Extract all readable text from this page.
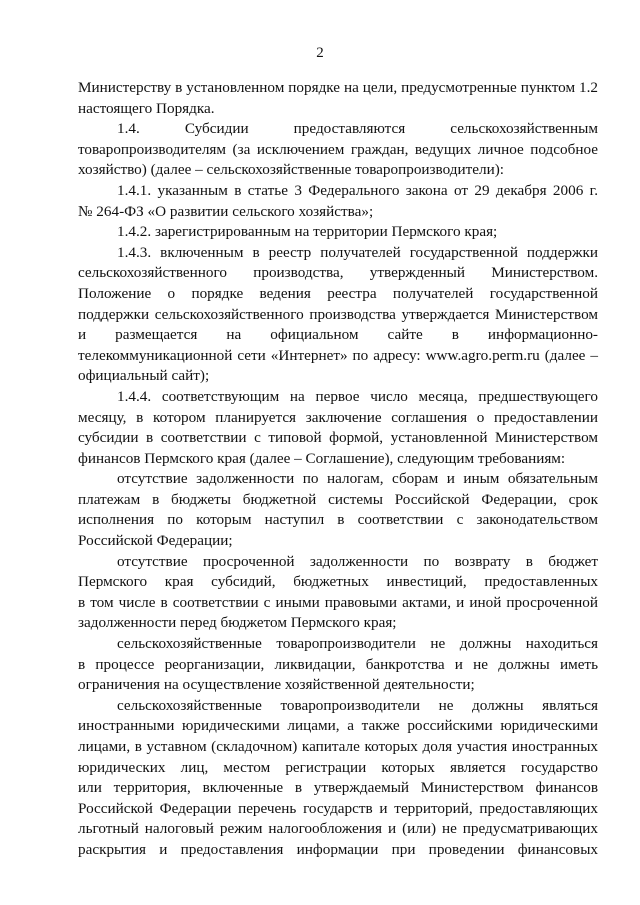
2
Министерству в установленном порядке на цели, предусмотренные пунктом 1.2
настоящего Порядка.
1.4. Субсидии предоставляются сельскохозяйственным
товаропроизводителям (за исключением граждан, ведущих личное подсобное
хозяйство) (далее – сельскохозяйственные товаропроизводители):
1.4.1. указанным в статье 3 Федерального закона от 29 декабря 2006 г.
№ 264-ФЗ «О развитии сельского хозяйства»;
1.4.2. зарегистрированным на территории Пермского края;
1.4.3. включенным в реестр получателей государственной поддержки
сельскохозяйственного производства, утвержденный Министерством.
Положение о порядке ведения реестра получателей государственной
поддержки сельскохозяйственного производства утверждается Министерством
и размещается на официальном сайте в информационно-
телекоммуникационной сети «Интернет» по адресу: www.agro.perm.ru (далее –
официальный сайт);
1.4.4. соответствующим на первое число месяца, предшествующего
месяцу, в котором планируется заключение соглашения о предоставлении
субсидии в соответствии с типовой формой, установленной Министерством
финансов Пермского края (далее – Соглашение), следующим требованиям:
отсутствие задолженности по налогам, сборам и иным обязательным
платежам в бюджеты бюджетной системы Российской Федерации, срок
исполнения по которым наступил в соответствии с законодательством
Российской Федерации;
отсутствие просроченной задолженности по возврату в бюджет
Пермского края субсидий, бюджетных инвестиций, предоставленных
в том числе в соответствии с иными правовыми актами, и иной просроченной
задолженности перед бюджетом Пермского края;
сельскохозяйственные товаропроизводители не должны находиться
в процессе реорганизации, ликвидации, банкротства и не должны иметь
ограничения на осуществление хозяйственной деятельности;
сельскохозяйственные товаропроизводители не должны являться
иностранными юридическими лицами, а также российскими юридическими
лицами, в уставном (складочном) капитале которых доля участия иностранных
юридических лиц, местом регистрации которых является государство
или территория, включенные в утверждаемый Министерством финансов
Российской Федерации перечень государств и территорий, предоставляющих
льготный налоговый режим налогообложения и (или) не предусматривающих
раскрытия и предоставления информации при проведении финансовых
